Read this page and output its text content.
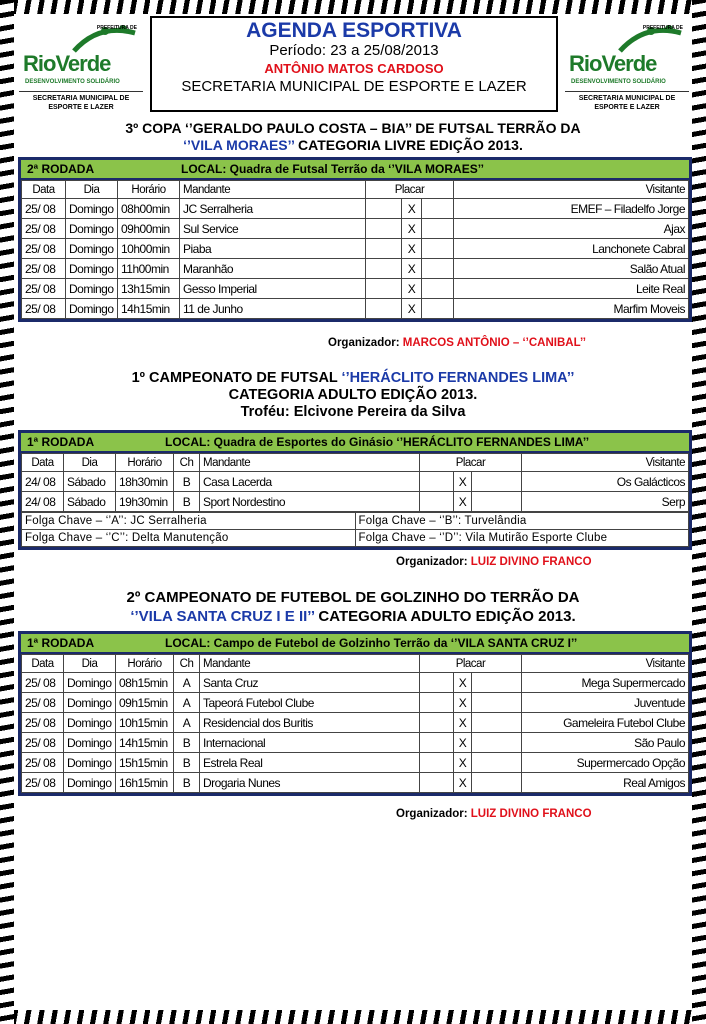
PREFEITURA DE
RioVerde
DESENVOLVIMENTO SOLIDÁRIO
SECRETARIA MUNICIPAL DE
ESPORTE E LAZER
PREFEITURA DE
RioVerde
DESENVOLVIMENTO SOLIDÁRIO
SECRETARIA MUNICIPAL DE
ESPORTE E LAZER
AGENDA ESPORTIVA
Período: 23 a 25/08/2013
ANTÔNIO MATOS CARDOSO
SECRETARIA MUNICIPAL DE ESPORTE E LAZER
3º COPA ‘’GERALDO PAULO COSTA – BIA’’ DE FUTSAL TERRÃO DA
‘’VILA MORAES’’ CATEGORIA LIVRE EDIÇÃO 2013.
2ª RODADA	LOCAL: Quadra de Futsal Terrão da ‘’VILA MORAES’’
Data	Dia	Horário	Mandante	Placar			Visitante
25/ 08	Domingo	08h00min	JC Serralheria		X		EMEF – Filadelfo Jorge
25/ 08	Domingo	09h00min	Sul Service		X		Ajax
25/ 08	Domingo	10h00min	Piaba		X		Lanchonete Cabral
25/ 08	Domingo	11h00min	Maranhão		X		Salão Atual
25/ 08	Domingo	13h15min	Gesso Imperial		X		Leite Real
25/ 08	Domingo	14h15min	11 de Junho		X		Marfim Moveis
Organizador: MARCOS ANTÔNIO – ‘’CANIBAL’’
1º CAMPEONATO DE FUTSAL ‘’HERÁCLITO FERNANDES LIMA’’
CATEGORIA ADULTO EDIÇÃO 2013.
Troféu: Elcivone Pereira da Silva
1ª RODADA	LOCAL: Quadra de Esportes do Ginásio ‘’HERÁCLITO FERNANDES LIMA’’
Data	Dia	Horário	Ch	Mandante	Placar			Visitante
24/ 08	Sábado	18h30min	B	Casa Lacerda		X		Os Galácticos
24/ 08	Sábado	19h30min	B	Sport Nordestino		X		Serp
Folga Chave – ‘’A’’: JC Serralheria	Folga Chave – ‘’B’’: Turvelândia
Folga Chave – ‘’C’’: Delta Manutenção	Folga Chave – ‘’D’’: Vila Mutirão Esporte Clube
Organizador: LUIZ DIVINO FRANCO
2º CAMPEONATO DE FUTEBOL DE GOLZINHO DO TERRÃO DA
‘’VILA SANTA CRUZ I E II’’ CATEGORIA ADULTO EDIÇÃO 2013.
1ª RODADA	LOCAL: Campo de Futebol de Golzinho Terrão da ‘’VILA SANTA CRUZ I’’
Data	Dia	Horário	Ch	Mandante	Placar			Visitante
25/ 08	Domingo	08h15min	A	Santa Cruz		X		Mega Supermercado
25/ 08	Domingo	09h15min	A	Tapeorá Futebol Clube		X		Juventude
25/ 08	Domingo	10h15min	A	Residencial dos Buritis		X		Gameleira Futebol Clube
25/ 08	Domingo	14h15min	B	Internacional		X		São Paulo
25/ 08	Domingo	15h15min	B	Estrela Real		X		Supermercado Opção
25/ 08	Domingo	16h15min	B	Drogaria Nunes		X		Real Amigos
Organizador: LUIZ DIVINO FRANCO
